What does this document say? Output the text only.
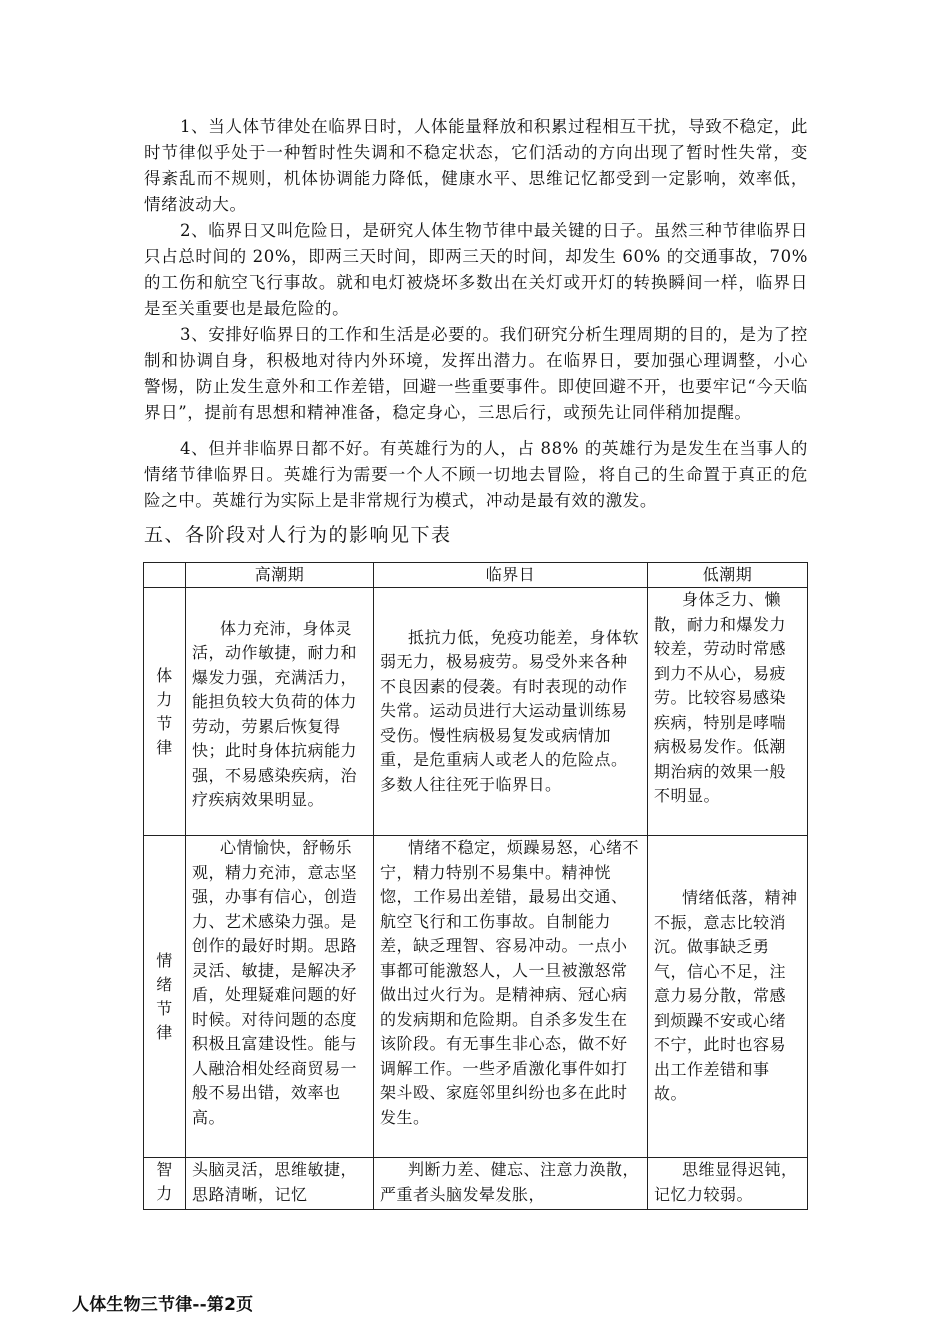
1、当人体节律处在临界日时，人体能量释放和积累过程相互干扰，导致不稳定，此时节律似乎处于一种暂时性失调和不稳定状态，它们活动的方向出现了暂时性失常，变得紊乱而不规则，机体协调能力降低，健康水平、思维记忆都受到一定影响，效率低，情绪波动大。

2、临界日又叫危险日，是研究人体生物节律中最关键的日子。虽然三种节律临界日只占总时间的 20%，即两三天时间，即两三天的时间，却发生 60% 的交通事故，70% 的工伤和航空飞行事故。就和电灯被烧坏多数出在关灯或开灯的转换瞬间一样，临界日是至关重要也是最危险的。

3、安排好临界日的工作和生活是必要的。我们研究分析生理周期的目的，是为了控制和协调自身，积极地对待内外环境，发挥出潜力。在临界日，要加强心理调整，小心警惕，防止发生意外和工作差错，回避一些重要事件。即使回避不开，也要牢记“今天临界日”，提前有思想和精神准备，稳定身心，三思后行，或预先让同伴稍加提醒。

4、但并非临界日都不好。有英雄行为的人，占 88% 的英雄行为是发生在当事人的情绪节律临界日。英雄行为需要一个人不顾一切地去冒险，将自己的生命置于真正的危险之中。英雄行为实际上是非常规行为模式，冲动是最有效的激发。

五、各阶段对人行为的影响见下表
	高潮期	临界日	低潮期
体力节律	体力充沛，身体灵活，动作敏捷，耐力和爆发力强，充满活力，能担负较大负荷的体力劳动，劳累后恢复得快；此时身体抗病能力强，不易感染疾病，治疗疾病效果明显。	抵抗力低，免疫功能差，身体软弱无力，极易疲劳。易受外来各种不良因素的侵袭。有时表现的动作失常。运动员进行大运动量训练易受伤。慢性病极易复发或病情加重，是危重病人或老人的危险点。多数人往往死于临界日。	身体乏力、懒散，耐力和爆发力较差，劳动时常感到力不从心，易疲劳。比较容易感染疾病，特别是哮喘病极易发作。低潮期治病的效果一般不明显。
情绪节律	心情愉快，舒畅乐观，精力充沛，意志坚强，办事有信心，创造力、艺术感染力强。是创作的最好时期。思路灵活、敏捷，是解决矛盾，处理疑难问题的好时候。对待问题的态度积极且富建设性。能与人融洽相处经商贸易一般不易出错，效率也高。	情绪不稳定，烦躁易怒，心绪不宁，精力特别不易集中。精神恍惚，工作易出差错，最易出交通、航空飞行和工伤事故。自制能力差，缺乏理智、容易冲动。一点小事都可能激怒人，人一旦被激怒常做出过火行为。是精神病、冠心病的发病期和危险期。自杀多发生在该阶段。有无事生非心态，做不好调解工作。一些矛盾激化事件如打架斗殴、家庭邻里纠纷也多在此时发生。	情绪低落，精神不振，意志比较消沉。做事缺乏勇气，信心不足，注意力易分散，常感到烦躁不安或心绪不宁，此时也容易出工作差错和事故。
智力	头脑灵活，思维敏捷，思路清晰，记忆	判断力差、健忘、注意力涣散，严重者头脑发晕发胀，	思维显得迟钝，记忆力较弱。
人体生物三节律--第2页
